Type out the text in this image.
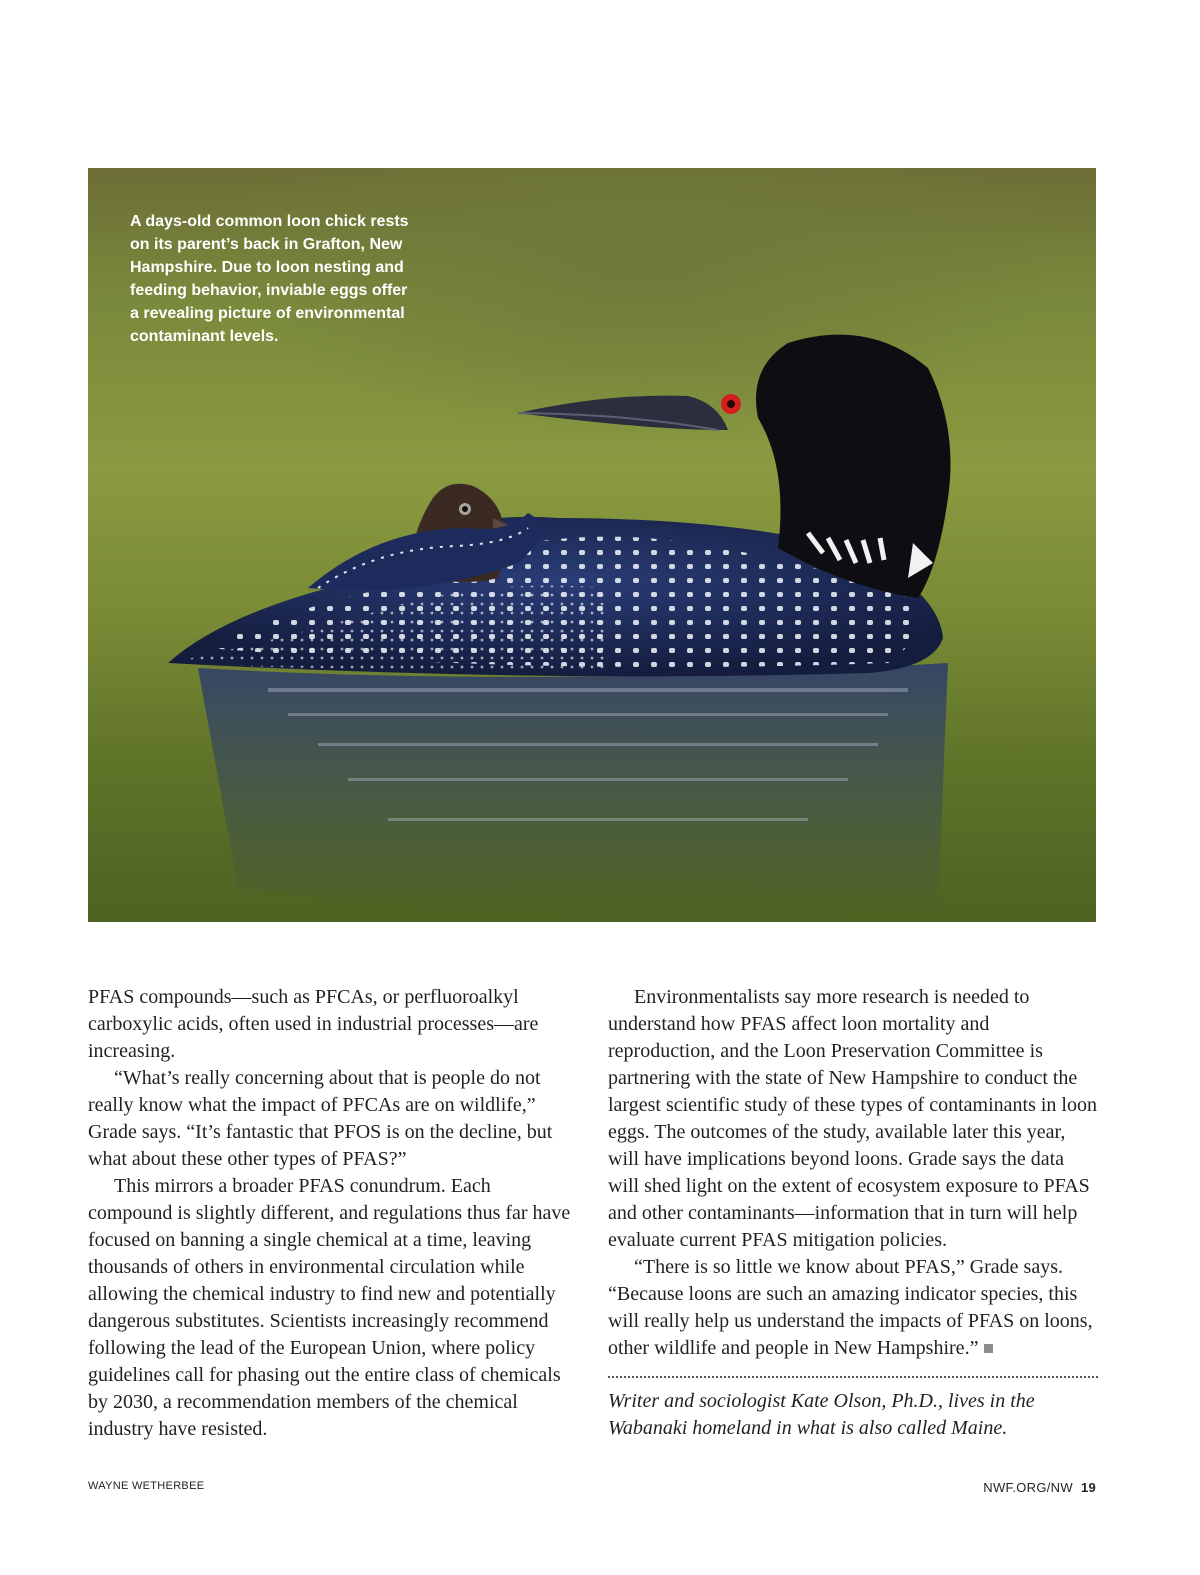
A days-old common loon chick rests
on its parent’s back in Grafton, New
Hampshire. Due to loon nesting and
feeding behavior, inviable eggs offer
a revealing picture of environmental
contaminant levels.

PFAS compounds—such as PFCAs, or perfluoroalkyl carboxylic acids, often used in industrial processes—are increasing.

“What’s really concerning about that is people do not really know what the impact of PFCAs are on wildlife,” Grade says. “It’s fantastic that PFOS is on the decline, but what about these other types of PFAS?”

This mirrors a broader PFAS conundrum. Each compound is slightly different, and regulations thus far have focused on banning a single chemical at a time, leaving thousands of others in environmental circulation while allowing the chemical industry to find new and potentially dangerous substitutes. Scientists increasingly recommend following the lead of the European Union, where policy guidelines call for phasing out the entire class of chemicals by 2030, a recommendation members of the chemical industry have resisted.

Environmentalists say more research is needed to understand how PFAS affect loon mortality and reproduction, and the Loon Preservation Committee is partnering with the state of New Hampshire to conduct the largest scientific study of these types of contaminants in loon eggs. The outcomes of the study, available later this year, will have implications beyond loons. Grade says the data will shed light on the extent of ecosystem exposure to PFAS and other contaminants—information that in turn will help evaluate current PFAS mitigation policies.

“There is so little we know about PFAS,” Grade says. “Because loons are such an amazing indicator species, this will really help us understand the impacts of PFAS on loons, other wildlife and people in New Hampshire.”

Writer and sociologist Kate Olson, Ph.D., lives in the Wabanaki homeland in what is also called Maine.

WAYNE WETHERBEE	NWF.ORG/NW 19
